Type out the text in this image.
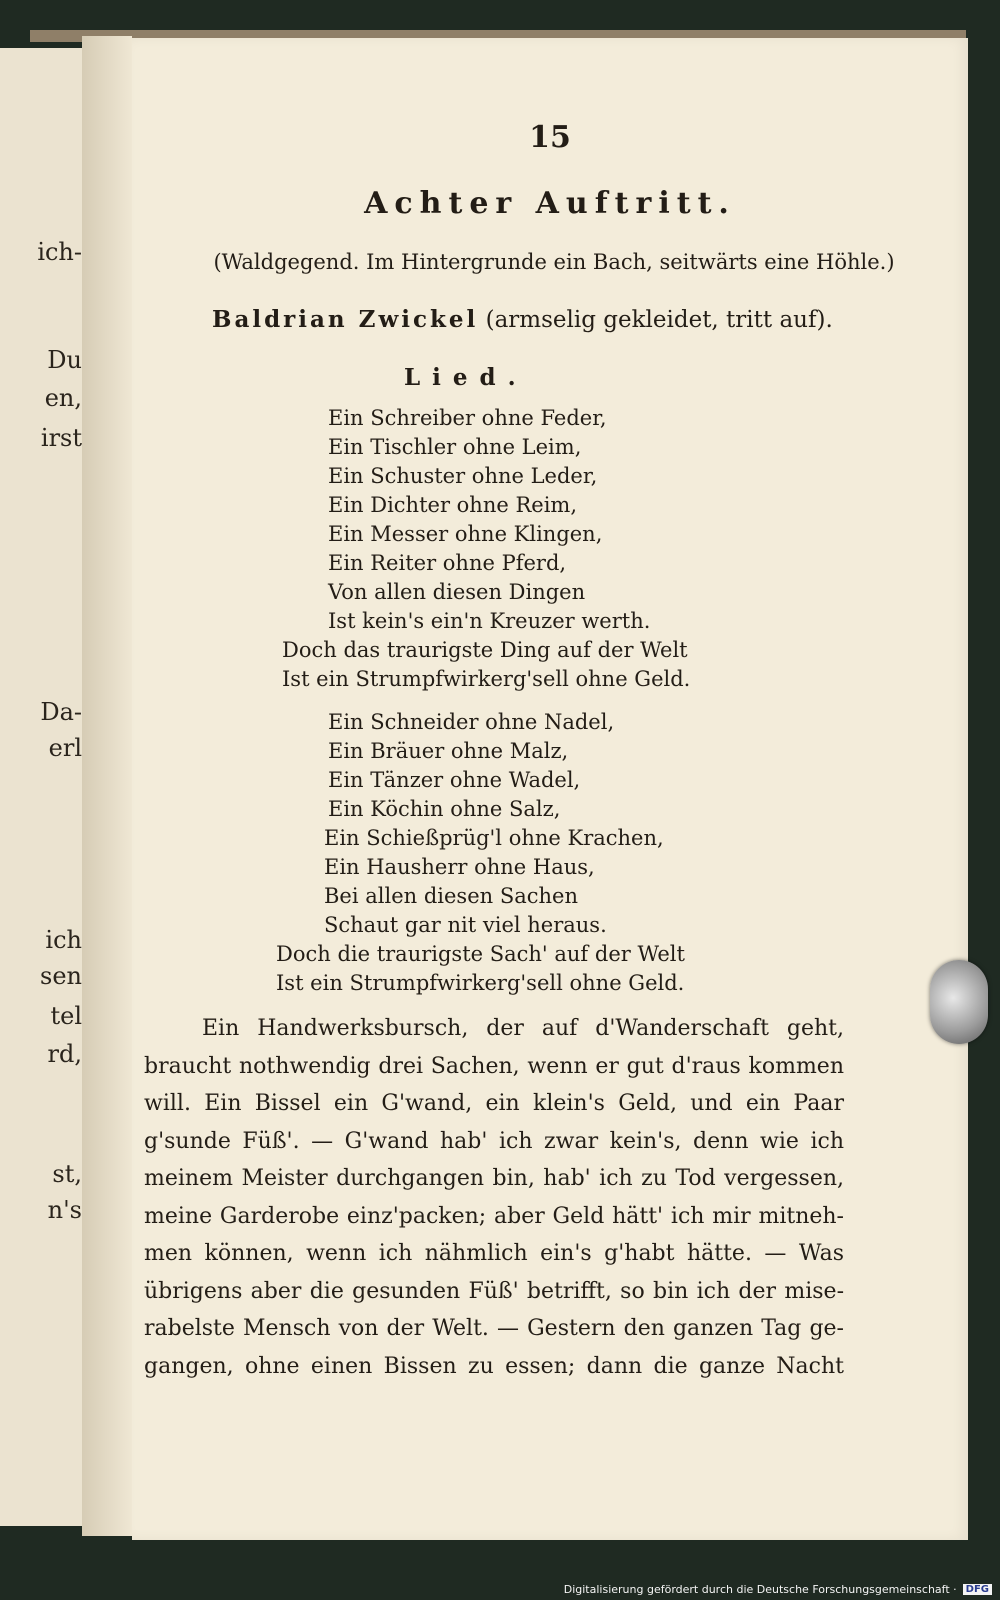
ich-
Du
en,
irst
Da-
erl
ich
sen
tel
rd,
st,
n's
15
Achter Auftritt.
(Waldgegend. Im Hintergrunde ein Bach, seitwärts eine Höhle.)
Baldrian Zwickel (armselig gekleidet, tritt auf).
Lied.
Ein Schreiber ohne Feder,
Ein Tischler ohne Leim,
Ein Schuster ohne Leder,
Ein Dichter ohne Reim,
Ein Messer ohne Klingen,
Ein Reiter ohne Pferd,
Von allen diesen Dingen
Ist kein's ein'n Kreuzer werth.
Doch das traurigste Ding auf der Welt
Ist ein Strumpfwirkerg'sell ohne Geld.
Ein Schneider ohne Nadel,
Ein Bräuer ohne Malz,
Ein Tänzer ohne Wadel,
Ein Köchin ohne Salz,
Ein Schießprüg'l ohne Krachen,
Ein Hausherr ohne Haus,
Bei allen diesen Sachen
Schaut gar nit viel heraus.
Doch die traurigste Sach' auf der Welt
Ist ein Strumpfwirkerg'sell ohne Geld.
Ein Handwerksbursch, der auf d'Wanderschaft geht,
braucht nothwendig drei Sachen, wenn er gut d'raus kommen
will. Ein Bissel ein G'wand, ein klein's Geld, und ein Paar
g'sunde Füß'. — G'wand hab' ich zwar kein's, denn wie ich
meinem Meister durchgangen bin, hab' ich zu Tod vergessen,
meine Garderobe einz'packen; aber Geld hätt' ich mir mitneh-
men können, wenn ich nähmlich ein's g'habt hätte. — Was
übrigens aber die gesunden Füß' betrifft, so bin ich der mise-
rabelste Mensch von der Welt. — Gestern den ganzen Tag ge-
gangen, ohne einen Bissen zu essen; dann die ganze Nacht
Digitalisierung gefördert durch die Deutsche Forschungsgemeinschaft · DFG
